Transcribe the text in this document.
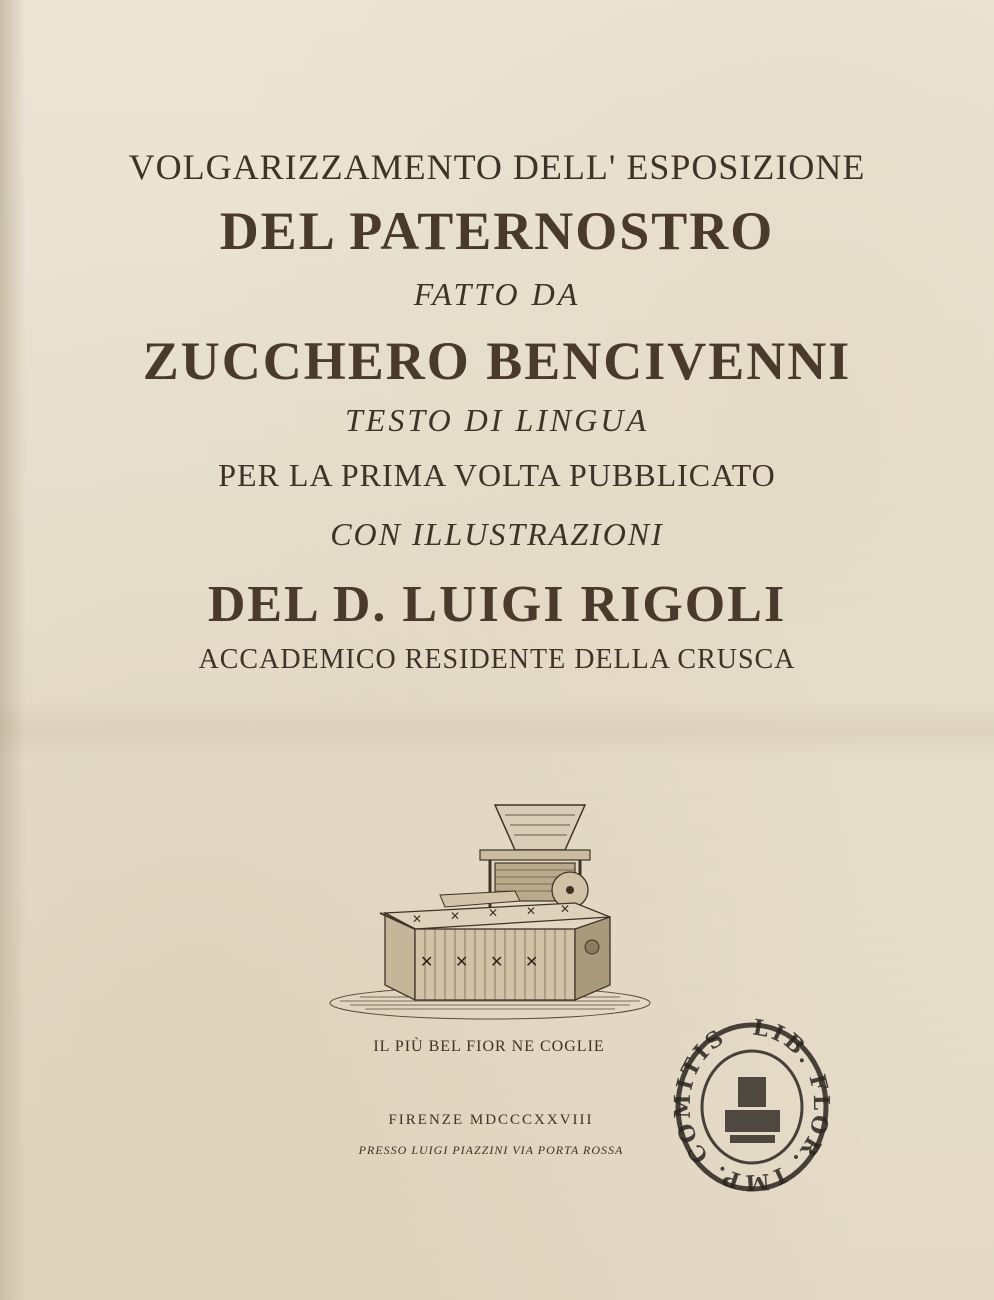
VOLGARIZZAMENTO DELL' ESPOSIZIONE
DEL PATERNOSTRO
FATTO DA
ZUCCHERO BENCIVENNI
TESTO DI LINGUA
PER LA PRIMA VOLTA PUBBLICATO
CON ILLUSTRAZIONI
DEL D. LUIGI RIGOLI
ACCADEMICO RESIDENTE DELLA CRUSCA
✕ ✕ ✕ ✕ ✕
✕ ✕ ✕ ✕
IL PIÙ BEL FIOR NE COGLIE
FIRENZE MDCCCXXVIII
PRESSO LUIGI PIAZZINI VIA PORTA ROSSA
LIB. FLOR. IMP. COMITIS
